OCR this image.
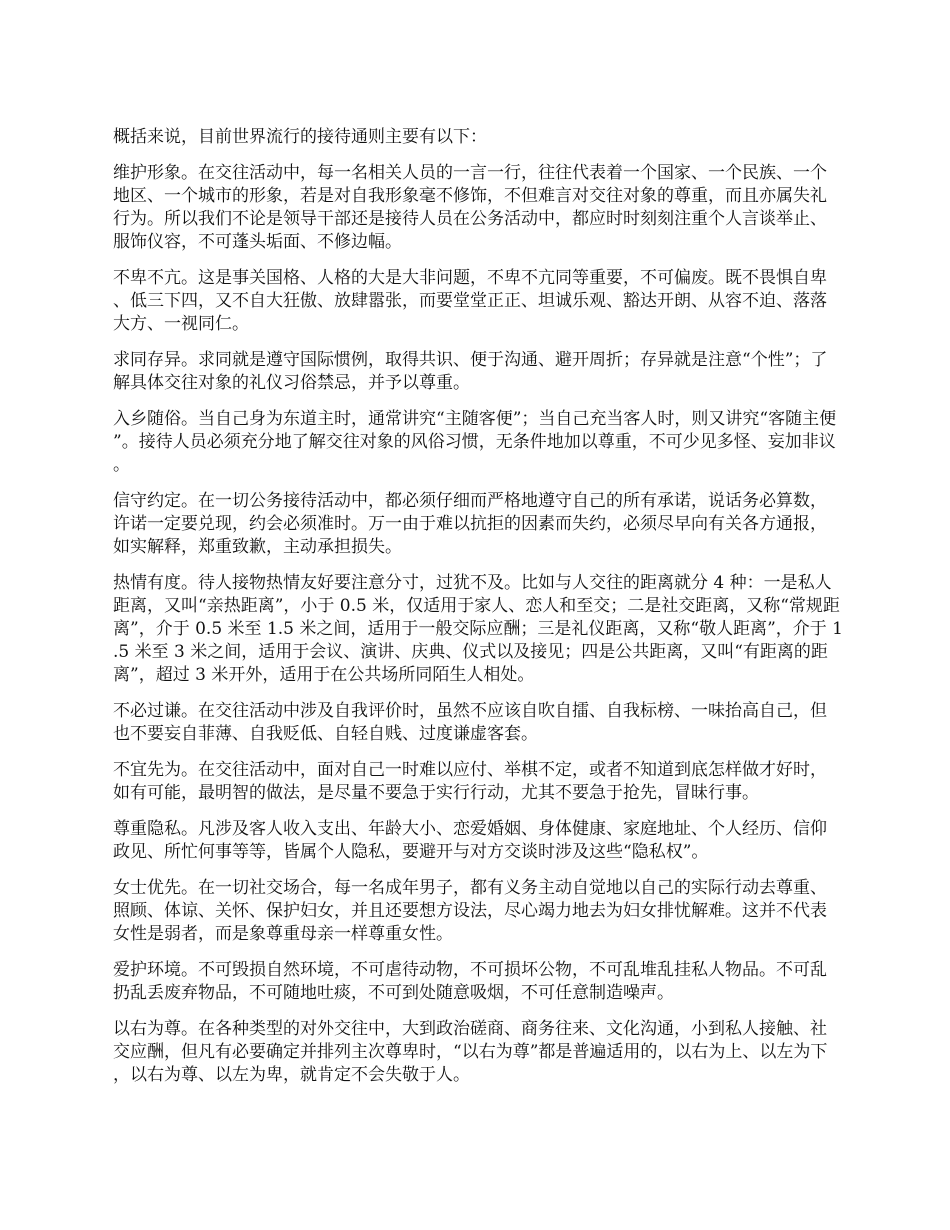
概括来说，目前世界流行的接待通则主要有以下：

维护形象。在交往活动中，每一名相关人员的一言一行，往往代表着一个国家、一个民族、一个地区、一个城市的形象，若是对自我形象毫不修饰，不但难言对交往对象的尊重，而且亦属失礼行为。所以我们不论是领导干部还是接待人员在公务活动中，都应时时刻刻注重个人言谈举止、服饰仪容，不可蓬头垢面、不修边幅。

不卑不亢。这是事关国格、人格的大是大非问题，不卑不亢同等重要，不可偏废。既不畏惧自卑、低三下四，又不自大狂傲、放肆嚣张，而要堂堂正正、坦诚乐观、豁达开朗、从容不迫、落落大方、一视同仁。

求同存异。求同就是遵守国际惯例，取得共识、便于沟通、避开周折；存异就是注意“个性”；了解具体交往对象的礼仪习俗禁忌，并予以尊重。

入乡随俗。当自己身为东道主时，通常讲究“主随客便”；当自己充当客人时，则又讲究“客随主便”。接待人员必须充分地了解交往对象的风俗习惯，无条件地加以尊重，不可少见多怪、妄加非议。

信守约定。在一切公务接待活动中，都必须仔细而严格地遵守自己的所有承诺，说话务必算数，许诺一定要兑现，约会必须准时。万一由于难以抗拒的因素而失约，必须尽早向有关各方通报，如实解释，郑重致歉，主动承担损失。

热情有度。待人接物热情友好要注意分寸，过犹不及。比如与人交往的距离就分 4 种：一是私人距离，又叫“亲热距离”，小于 0.5 米，仅适用于家人、恋人和至交；二是社交距离，又称“常规距离”，介于 0.5 米至 1.5 米之间，适用于一般交际应酬；三是礼仪距离，又称“敬人距离”，介于 1.5 米至 3 米之间，适用于会议、演讲、庆典、仪式以及接见；四是公共距离，又叫“有距离的距离”，超过 3 米开外，适用于在公共场所同陌生人相处。

不必过谦。在交往活动中涉及自我评价时，虽然不应该自吹自擂、自我标榜、一味抬高自己，但也不要妄自菲薄、自我贬低、自轻自贱、过度谦虚客套。

不宜先为。在交往活动中，面对自己一时难以应付、举棋不定，或者不知道到底怎样做才好时，如有可能，最明智的做法，是尽量不要急于实行行动，尤其不要急于抢先，冒昧行事。

尊重隐私。凡涉及客人收入支出、年龄大小、恋爱婚姻、身体健康、家庭地址、个人经历、信仰政见、所忙何事等等，皆属个人隐私，要避开与对方交谈时涉及这些“隐私权”。

女士优先。在一切社交场合，每一名成年男子，都有义务主动自觉地以自己的实际行动去尊重、照顾、体谅、关怀、保护妇女，并且还要想方设法，尽心竭力地去为妇女排忧解难。这并不代表女性是弱者，而是象尊重母亲一样尊重女性。

爱护环境。不可毁损自然环境，不可虐待动物，不可损坏公物，不可乱堆乱挂私人物品。不可乱扔乱丢废弃物品，不可随地吐痰，不可到处随意吸烟，不可任意制造噪声。

以右为尊。在各种类型的对外交往中，大到政治磋商、商务往来、文化沟通，小到私人接触、社交应酬，但凡有必要确定并排列主次尊卑时，“以右为尊”都是普遍适用的，以右为上、以左为下，以右为尊、以左为卑，就肯定不会失敬于人。
